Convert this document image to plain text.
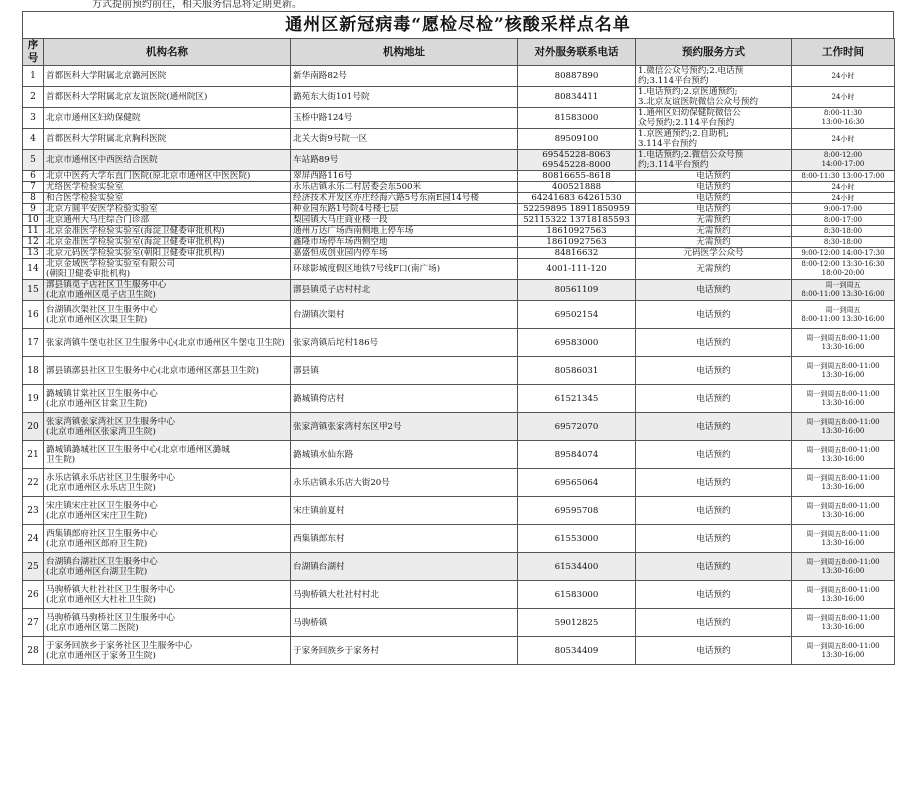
方式提前预约前往，相关服务信息将定期更新。
通州区新冠病毒“愿检尽检”核酸采样点名单
序号	机构名称	机构地址	对外服务联系电话	预约服务方式	工作时间
1	首都医科大学附属北京潞河医院	新华南路82号	80887890	1.微信公众号预约;2.电话预
约;3.114平台预约	24小时

2	首都医科大学附属北京友谊医院(通州院区)	潞苑东大街101号院	80834411	1.电话预约;2.京医通预约;
3.北京友谊医院微信公众号预约	24小时

3	北京市通州区妇幼保健院	玉桥中路124号	81583000	1.通州区妇幼保健院微信公
众号预约;2.114平台预约	8:00-11:30
13:00-16:30

4	首都医科大学附属北京胸科医院	北关大街9号院一区	89509100	1.京医通预约;2.自助机;
3.114平台预约	24小时

5	北京市通州区中西医结合医院	车站路89号	69545228-8063
69545228-8000	1.电话预约;2.微信公众号预
约;3.114平台预约	8:00-12:00
14:00-17:00

6	北京中医药大学东直门医院(原北京市通州区中医医院)	翠屏西路116号	80816655-8618	电话预约	8:00-11:30 13:00-17:00

7	尤络医学检验实验室	永乐店镇永乐二村居委会东500米	400521888	电话预约	24小时

8	和合医学检验实验室	经济技术开发区亦庄经海六路5号东南E园14号楼	64241683 64261530	电话预约	24小时

9	北京方圆平安医学检验实验室	种业园东路1号院4号楼七层	52259895 18911850959	电话预约	9:00-17:00

10	北京通州大马庄综合门诊部	梨园镇大马庄商业楼一段	52115322 13718185593	无需预约	8:00-17:00

11	北京金准医学检验实验室(海淀卫健委审批机构)	通州万达广场西南侧地上停车场	18610927563	无需预约	8:30-18:00

12	北京金准医学检验实验室(海淀卫健委审批机构)	鑫隆市场停车场西侧空地	18610927563	无需预约	8:30-18:00

13	北京元码医学检验实验室(朝阳卫健委审批机构)	嘉盛恒成创业园内停车场	84816632	元码医学公众号	9:00-12:00 14:00-17:30

14	北京金域医学检验实验室有限公司
(朝阳卫健委审批机构)	环球影城度假区地铁7号线F口(南广场)	4001-111-120	无需预约	8:00-12:00 13:30-16:30
18:00-20:00

15	漷县镇觅子店社区卫生服务中心
(北京市通州区觅子店卫生院)	漷县镇觅子店村村北	80561109	电话预约	周一到周五
8:00-11:00 13:30-16:00

16	台湖镇次渠社区卫生服务中心
(北京市通州区次渠卫生院)	台湖镇次渠村	69502154	电话预约	周一到周五
8:00-11:00 13:30-16:00

17	张家湾镇牛堡屯社区卫生服务中心(北京市通州区牛堡屯卫生院)	张家湾镇后坨村186号	69583000	电话预约	周一到周五8:00-11:00
13:30-16:00

18	漷县镇漷县社区卫生服务中心(北京市通州区漷县卫生院)	漷县镇	80586031	电话预约	周一到周五8:00-11:00
13:30-16:00

19	潞城镇甘棠社区卫生服务中心
(北京市通州区甘棠卫生院)	潞城镇侉店村	61521345	电话预约	周一到周五8:00-11:00
13:30-16:00

20	张家湾镇张家湾社区卫生服务中心
(北京市通州区张家湾卫生院)	张家湾镇张家湾村东区甲2号	69572070	电话预约	周一到周五8:00-11:00
13:30-16:00

21	潞城镇潞城社区卫生服务中心(北京市通州区潞城
卫生院)	潞城镇水仙东路	89584074	电话预约	周一到周五8:00-11:00
13:30-16:00

22	永乐店镇永乐店社区卫生服务中心
(北京市通州区永乐店卫生院)	永乐店镇永乐店大街20号	69565064	电话预约	周一到周五8:00-11:00
13:30-16:00

23	宋庄镇宋庄社区卫生服务中心
(北京市通州区宋庄卫生院)	宋庄镇前夏村	69595708	电话预约	周一到周五8:00-11:00
13:30-16:00

24	西集镇郎府社区卫生服务中心
(北京市通州区郎府卫生院)	西集镇郎东村	61553000	电话预约	周一到周五8:00-11:00
13:30-16:00

25	台湖镇台湖社区卫生服务中心
(北京市通州区台湖卫生院)	台湖镇台湖村	61534400	电话预约	周一到周五8:00-11:00
13:30-16:00

26	马驹桥镇大杜社社区卫生服务中心
(北京市通州区大杜社卫生院)	马驹桥镇大杜社村村北	61583000	电话预约	周一到周五8:00-11:00
13:30-16:00

27	马驹桥镇马驹桥社区卫生服务中心
(北京市通州区第二医院)	马驹桥镇	59012825	电话预约	周一到周五8:00-11:00
13:30-16:00

28	于家务回族乡于家务社区卫生服务中心
(北京市通州区于家务卫生院)	于家务回族乡于家务村	80534409	电话预约	周一到周五8:00-11:00
13:30-16:00
